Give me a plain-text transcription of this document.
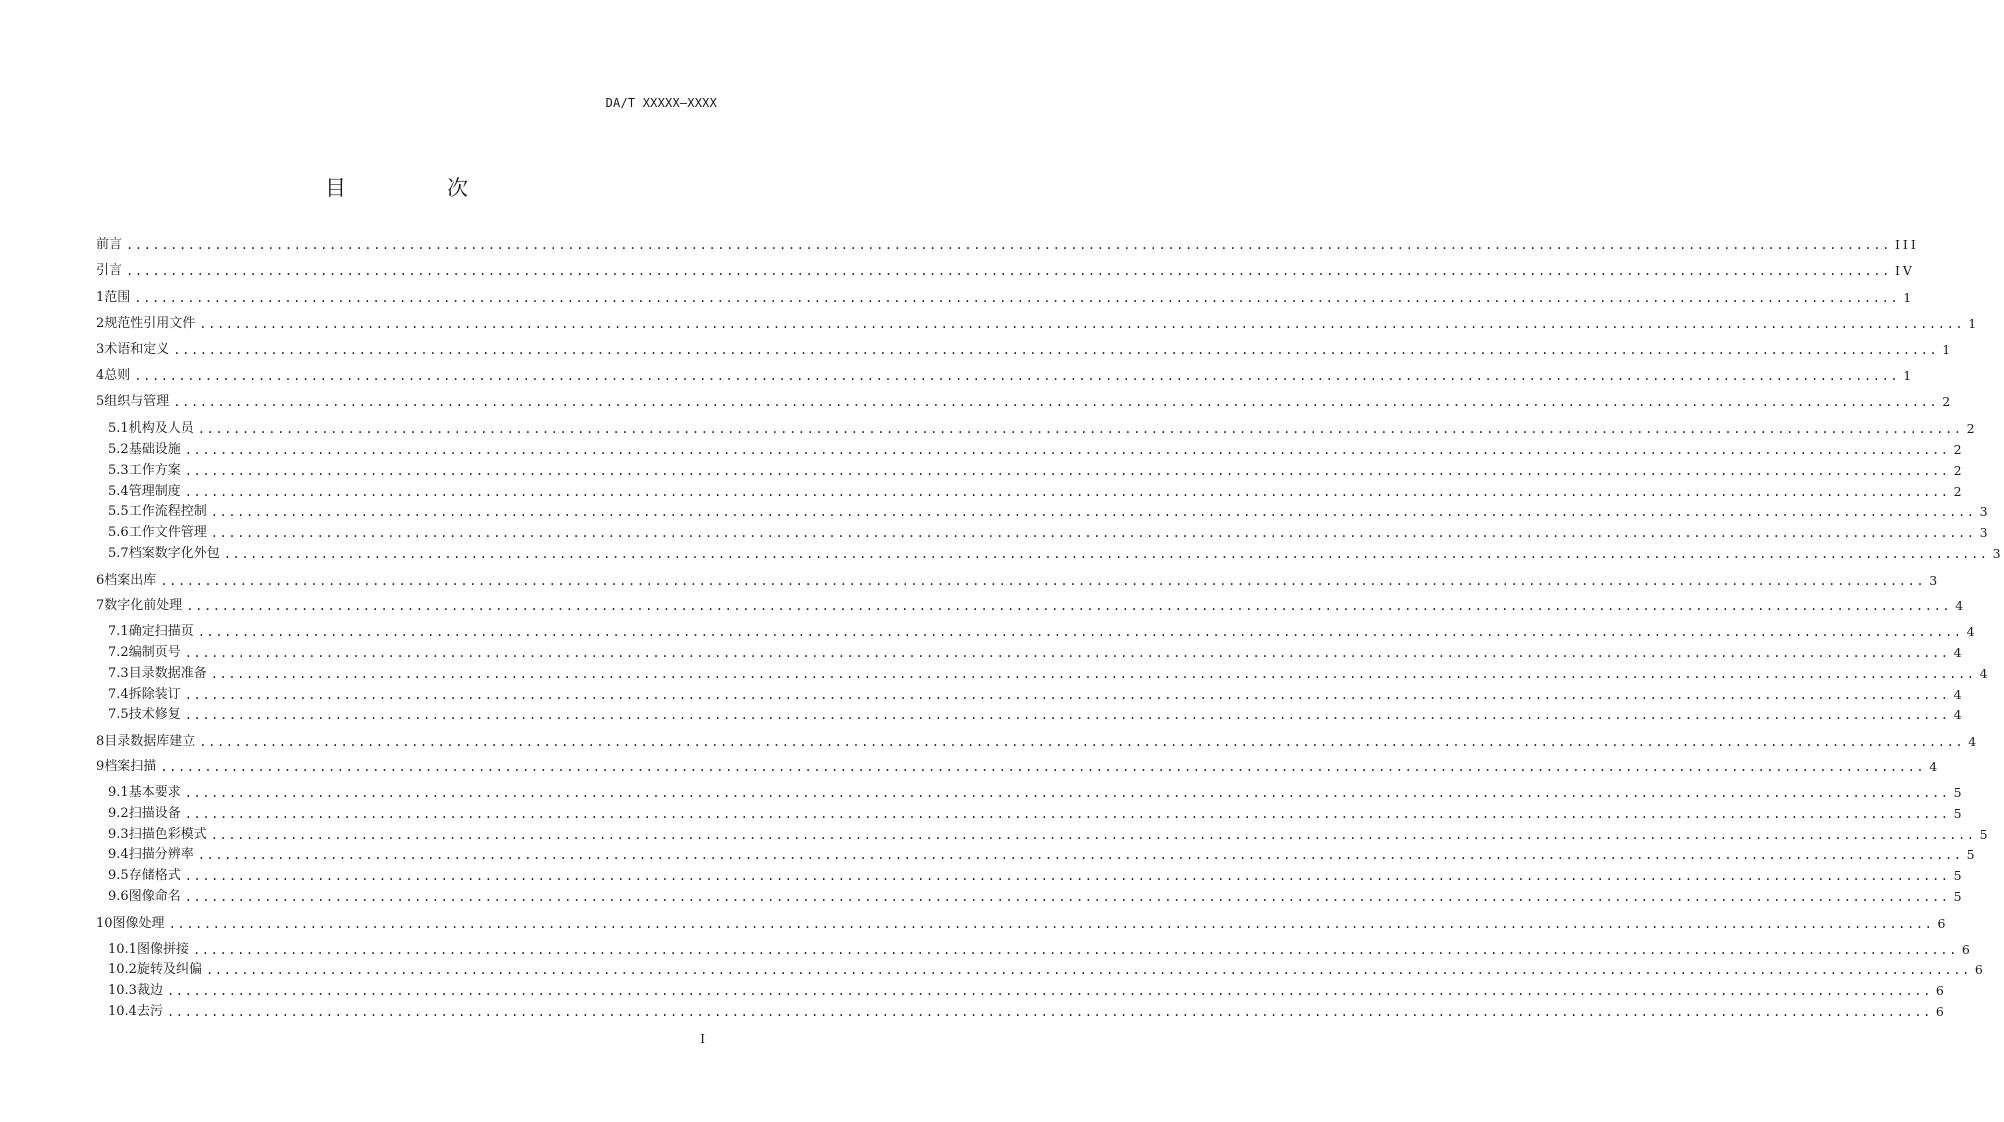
DA/T XXXXX—XXXX
目　次
前言 ........................................................................................................................................................................................................ III
引言 ........................................................................................................................................................................................................ IV
1 范围 ........................................................................................................................................................................................................ 1
2 规范性引用文件 ........................................................................................................................................................................................................ 1
3 术语和定义 ........................................................................................................................................................................................................ 1
4 总则 ........................................................................................................................................................................................................ 1
5 组织与管理 ........................................................................................................................................................................................................ 2
5.1 机构及人员 ........................................................................................................................................................................................................ 2
5.2 基础设施 ........................................................................................................................................................................................................ 2
5.3 工作方案 ........................................................................................................................................................................................................ 2
5.4 管理制度 ........................................................................................................................................................................................................ 2
5.5 工作流程控制 ........................................................................................................................................................................................................ 3
5.6 工作文件管理 ........................................................................................................................................................................................................ 3
5.7 档案数字化外包 ........................................................................................................................................................................................................ 3
6 档案出库 ........................................................................................................................................................................................................ 3
7 数字化前处理 ........................................................................................................................................................................................................ 4
7.1 确定扫描页 ........................................................................................................................................................................................................ 4
7.2 编制页号 ........................................................................................................................................................................................................ 4
7.3 目录数据准备 ........................................................................................................................................................................................................ 4
7.4 拆除装订 ........................................................................................................................................................................................................ 4
7.5 技术修复 ........................................................................................................................................................................................................ 4
8 目录数据库建立 ........................................................................................................................................................................................................ 4
9 档案扫描 ........................................................................................................................................................................................................ 4
9.1 基本要求 ........................................................................................................................................................................................................ 5
9.2 扫描设备 ........................................................................................................................................................................................................ 5
9.3 扫描色彩模式 ........................................................................................................................................................................................................ 5
9.4 扫描分辨率 ........................................................................................................................................................................................................ 5
9.5 存储格式 ........................................................................................................................................................................................................ 5
9.6 图像命名 ........................................................................................................................................................................................................ 5
10 图像处理 ........................................................................................................................................................................................................ 6
10.1 图像拼接 ........................................................................................................................................................................................................ 6
10.2 旋转及纠偏 ........................................................................................................................................................................................................ 6
10.3 裁边 ........................................................................................................................................................................................................ 6
10.4 去污 ........................................................................................................................................................................................................ 6
I
